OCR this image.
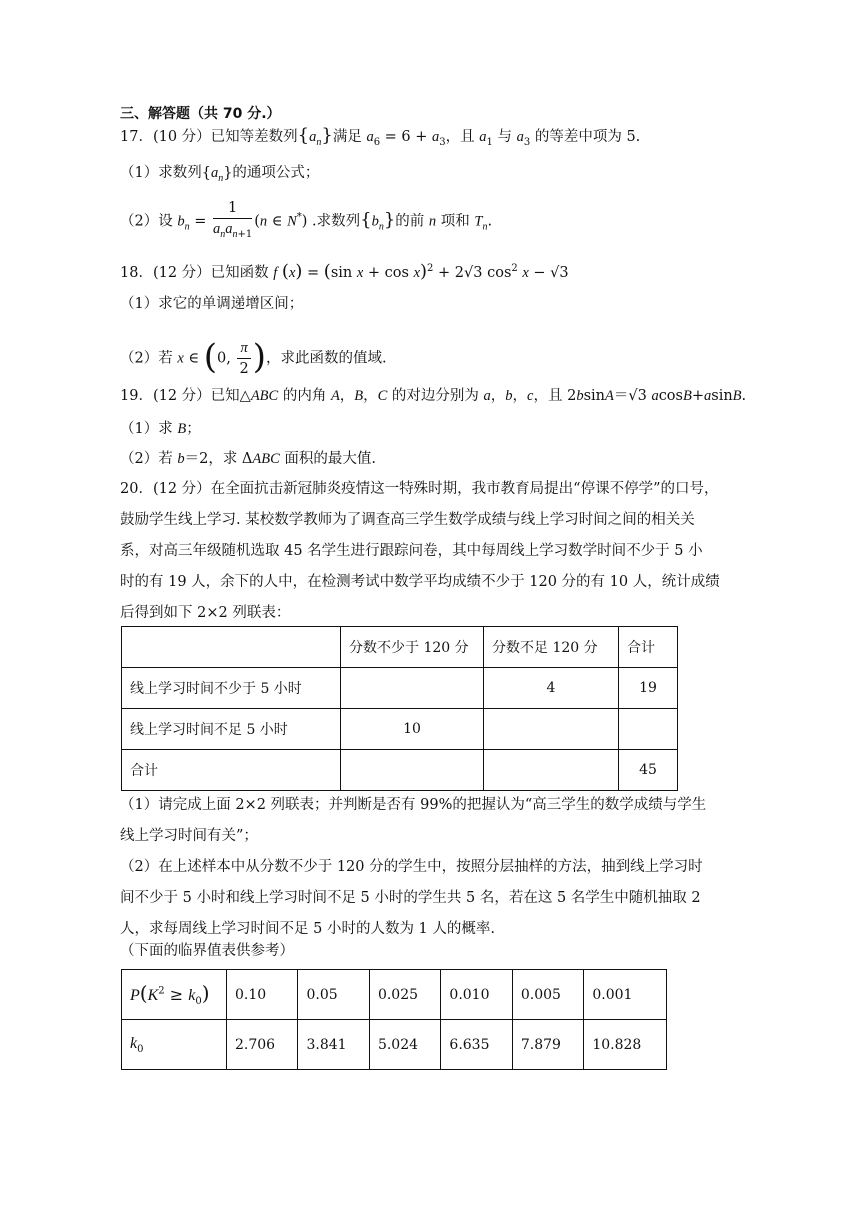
三、解答题（共 70 分.）
17．(10 分）已知等差数列$\{a_n\}$满足 $a_6 = 6 + a_3$，且 $a_1$ 与 $a_3$ 的等差中项为 5.
（1）求数列$\{a_n\}$的通项公式；
（2）设 $b_n = \frac{1}{a_na_{n+1}} (n$ ∈ N*) .求数列$\{b_n\}$的前 n 项和 $T_n$.
18．(12 分）已知函数 f (x) = (sin x + cos x)$^2$ + 2√3 $\cos^2 x - √3$
（1）求它的单调递增区间；
（2）若 x ∈ (0, $\frac{\pi}{2}$ )，求此函数的值域.
19．(12 分）已知△ABC 的内角 A，B，C 的对边分别为 a，b，c，且 2bsinA＝√3 acosB+asinB.
（1）求 B；
（2）若 b＝2，求 ΔABC 面积的最大值.
20．(12 分）在全面抗击新冠肺炎疫情这一特殊时期，我市教育局提出“停课不停学”的口号，
鼓励学生线上学习. 某校数学教师为了调查高三学生数学成绩与线上学习时间之间的相关关
系，对高三年级随机选取 45 名学生进行跟踪问卷，其中每周线上学习数学时间不少于 5 小
时的有 19 人，余下的人中，在检测考试中数学平均成绩不少于 120 分的有 10 人，统计成绩
后得到如下 2×2 列联表：
	分数不少于 120 分	分数不足 120 分	合计
线上学习时间不少于 5 小时		4	19
线上学习时间不足 5 小时	10		
合计			45
（1）请完成上面 2×2 列联表；并判断是否有 99%的把握认为“高三学生的数学成绩与学生
线上学习时间有关”；
（2）在上述样本中从分数不少于 120 分的学生中，按照分层抽样的方法，抽到线上学习时
间不少于 5 小时和线上学习时间不足 5 小时的学生共 5 名，若在这 5 名学生中随机抽取 2
人，求每周线上学习时间不足 5 小时的人数为 1 人的概率.
（下面的临界值表供参考）
$P(K^2 \ge k_0)$	0.10	0.05	0.025	0.010	0.005	0.001
$k_0$	2.706	3.841	5.024	6.635	7.879	10.828
